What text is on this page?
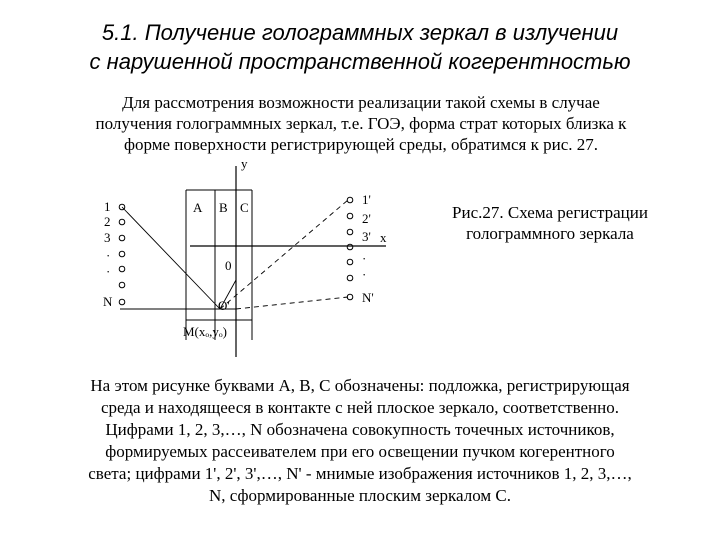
5.1. Получение голограммных зеркал в излучении
с нарушенной пространственной когерентностью
Для рассмотрения возможности реализации такой схемы в случае
получения голограммных зеркал, т.е. ГОЭ, форма страт которых близка к
форме поверхности регистрирующей среды, обратимся к рис. 27.
y
x
0
A B C
O'
M(xₒ,yₒ)
1
2
3
·
·
N
1'
2'
3'
·
·
N'
Рис.27. Схема регистрации
голограммного зеркала
На этом рисунке буквами А, В, С обозначены: подложка, регистрирующая
среда и находящееся в контакте с ней плоское зеркало, соответственно.
Цифрами 1, 2, 3,…, N обозначена совокупность точечных источников,
формируемых рассеивателем при его освещении пучком когерентного
света; цифрами 1', 2', 3',…, N' - мнимые изображения источников 1, 2, 3,…,
N, сформированные плоским зеркалом С.
